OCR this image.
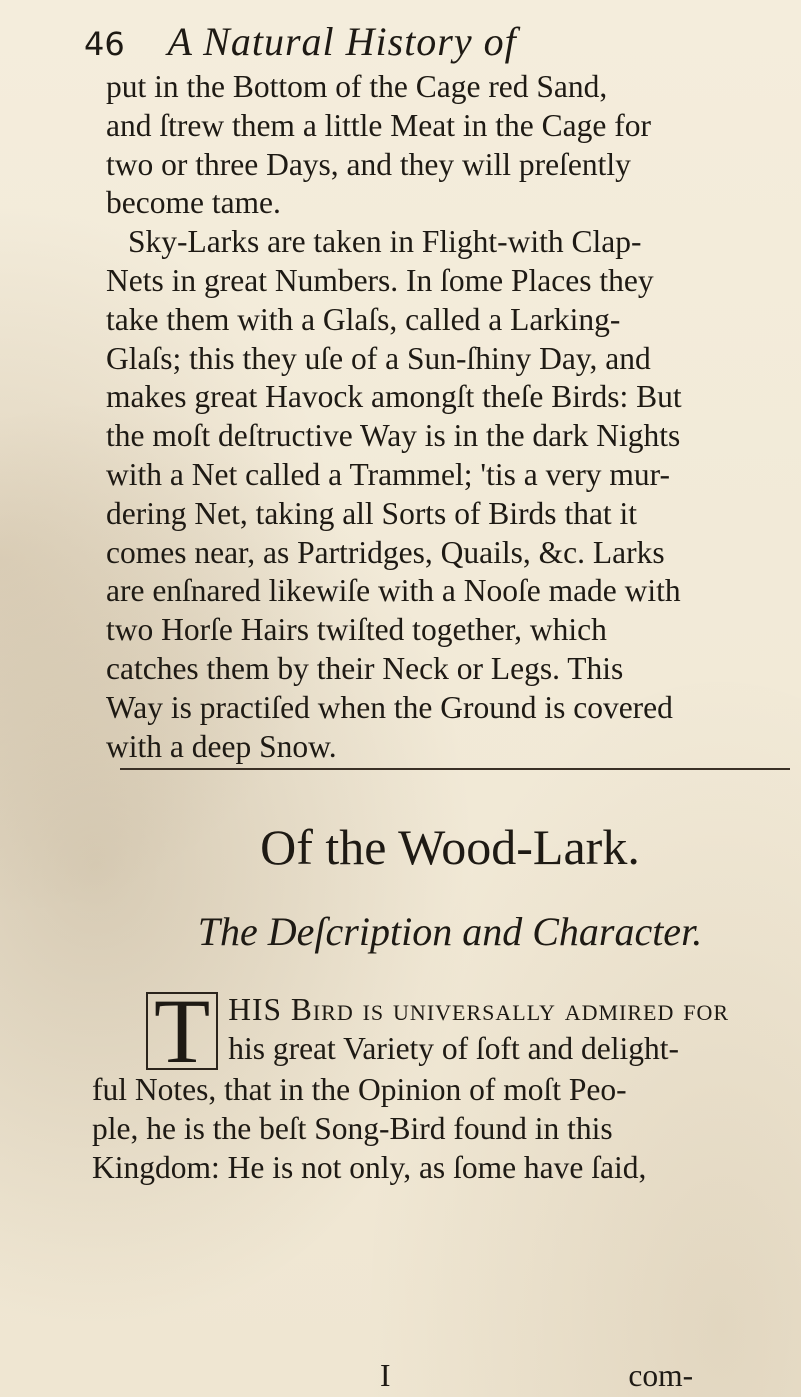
46 A Natural History of
put in the Bottom of the Cage red Sand,
and ſtrew them a little Meat in the Cage for
two or three Days, and they will preſently
become tame.
Sky-Larks are taken in Flight-with Clap-
Nets in great Numbers. In ſome Places they
take them with a Glaſs, called a Larking-
Glaſs; this they uſe of a Sun-ſhiny Day, and
makes great Havock amongſt theſe Birds: But
the moſt deſtructive Way is in the dark Nights
with a Net called a Trammel; 'tis a very mur-
dering Net, taking all Sorts of Birds that it
comes near, as Partridges, Quails, &c. Larks
are enſnared likewiſe with a Nooſe made with
two Horſe Hairs twiſted together, which
catches them by their Neck or Legs. This
Way is practiſed when the Ground is covered
with a deep Snow.
Of the Wood-Lark.
The Deſcription and Character.
T HIS Bird is univerſally admired for
his great Variety of ſoft and delight-
ful Notes, that in the Opinion of moſt Peo-
ple, he is the beſt Song-Bird found in this
Kingdom: He is not only, as ſome have ſaid,
I	com-
